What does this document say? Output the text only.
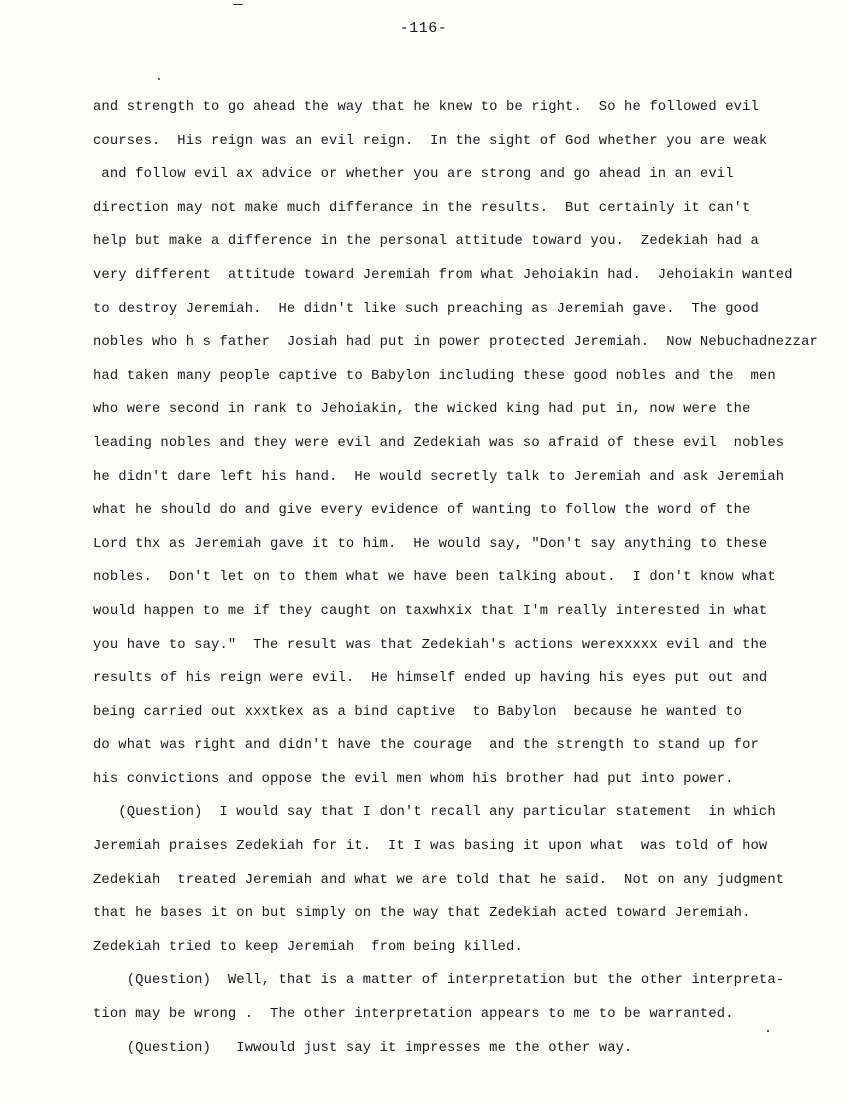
-116-
and strength to go ahead the way that he knew to be right.  So he followed evil
courses.  His reign was an evil reign.  In the sight of God whether you are weak
and follow evil ax advice or whether you are strong and go ahead in an evil
direction may not make much differance in the results.  But certainly it can't
help but make a difference in the personal attitude toward you.  Zedekiah had a
very different  attitude toward Jeremiah from what Jehoiakin had.  Jehoiakin wanted
to destroy Jeremiah.  He didn't like such preaching as Jeremiah gave.  The good
nobles who h s father  Josiah had put in power protected Jeremiah.  Now Nebuchadnezzar
had taken many people captive to Babylon including these good nobles and the  men
who were second in rank to Jehoiakin, the wicked king had put in, now were the
leading nobles and they were evil and Zedekiah was so afraid of these evil  nobles
he didn't dare left his hand.  He would secretly talk to Jeremiah and ask Jeremiah
what he should do and give every evidence of wanting to follow the word of the
Lord thx as Jeremiah gave it to him.  He would say, "Don't say anything to these
nobles.  Don't let on to them what we have been talking about.  I don't know what
would happen to me if they caught on taxwhxix that I'm really interested in what
you have to say."  The result was that Zedekiah's actions werexxxxx evil and the
results of his reign were evil.  He himself ended up having his eyes put out and
being carried out xxxtkex as a bind captive  to Babylon  because he wanted to
do what was right and didn't have the courage  and the strength to stand up for
his convictions and oppose the evil men whom his brother had put into power.
(Question)  I would say that I don't recall any particular statement  in which
Jeremiah praises Zedekiah for it.  It I was basing it upon what  was told of how
Zedekiah  treated Jeremiah and what we are told that he said.  Not on any judgment
that he bases it on but simply on the way that Zedekiah acted toward Jeremiah.
Zedekiah tried to keep Jeremiah  from being killed.
(Question)  Well, that is a matter of interpretation but the other interpreta-
tion may be wrong .  The other interpretation appears to me to be warranted.
(Question)   Iwwould just say it impresses me the other way.
